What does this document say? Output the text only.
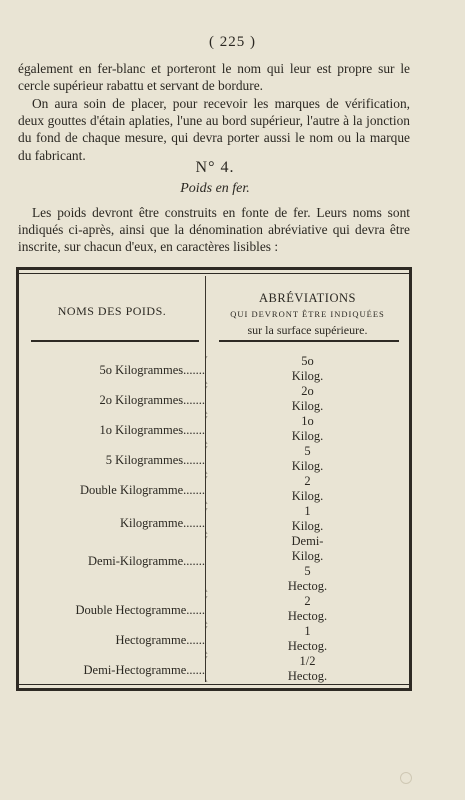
( 225 )

également en fer-blanc et porteront le nom qui leur est propre sur le cercle supérieur rabattu et servant de bordure.

On aura soin de placer, pour recevoir les marques de vérification, deux gouttes d'étain aplaties, l'une au bord supérieur, l'autre à la jonction du fond de chaque mesure, qui devra porter aussi le nom ou la marque du fabricant.

N° 4.
Poids en fer.

Les poids devront être construits en fonte de fer. Leurs noms sont indiqués ci-après, ainsi que la dénomination abréviative qui devra être inscrite, sur chacun d'eux, en caractères lisibles :

NOMS DES POIDS.
ABRÉVIATIONS
QUI DEVRONT ÊTRE INDIQUÉES
sur la surface supérieure.
5o Kilogrammes.......
5o
Kilog.
2o Kilogrammes.......
2o
Kilog.
1o Kilogrammes.......
1o
Kilog.
5 Kilogrammes.......
5
Kilog.
Double Kilogramme.......
2
Kilog.
Kilogramme.......
1
Kilog.
Demi-Kilogramme.......
Demi-
Kilog.
5
Hectog.
Double Hectogramme......
2
Hectog.
Hectogramme......
1
Hectog.
Demi-Hectogramme......
1/2
Hectog.
